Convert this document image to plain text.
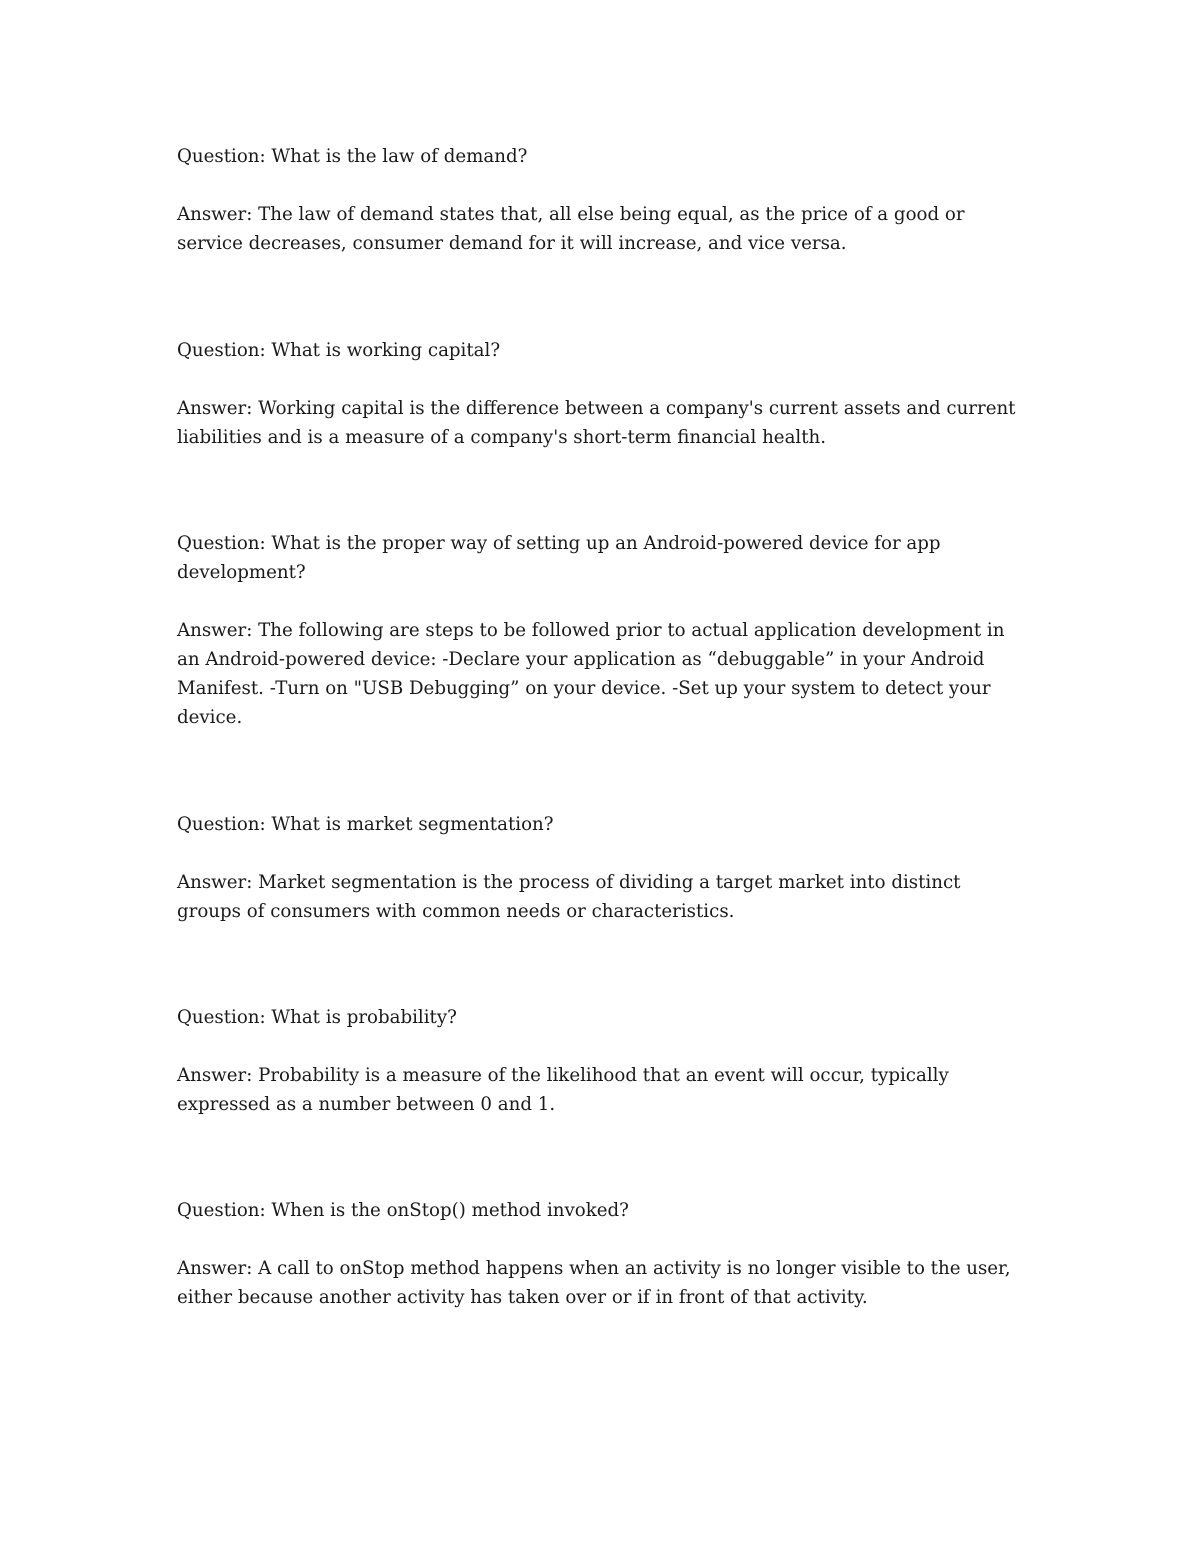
Question: What is the law of demand?

Answer: The law of demand states that, all else being equal, as the price of a good or service decreases, consumer demand for it will increase, and vice versa.

Question: What is working capital?

Answer: Working capital is the difference between a company's current assets and current liabilities and is a measure of a company's short-term financial health.

Question: What is the proper way of setting up an Android-powered device for app development?

Answer: The following are steps to be followed prior to actual application development in an Android-powered device: -Declare your application as “debuggable” in your Android Manifest. -Turn on "USB Debugging” on your device. -Set up your system to detect your device.

Question: What is market segmentation?

Answer: Market segmentation is the process of dividing a target market into distinct groups of consumers with common needs or characteristics.

Question: What is probability?

Answer: Probability is a measure of the likelihood that an event will occur, typically expressed as a number between 0 and 1.

Question: When is the onStop() method invoked?

Answer: A call to onStop method happens when an activity is no longer visible to the user, either because another activity has taken over or if in front of that activity.
